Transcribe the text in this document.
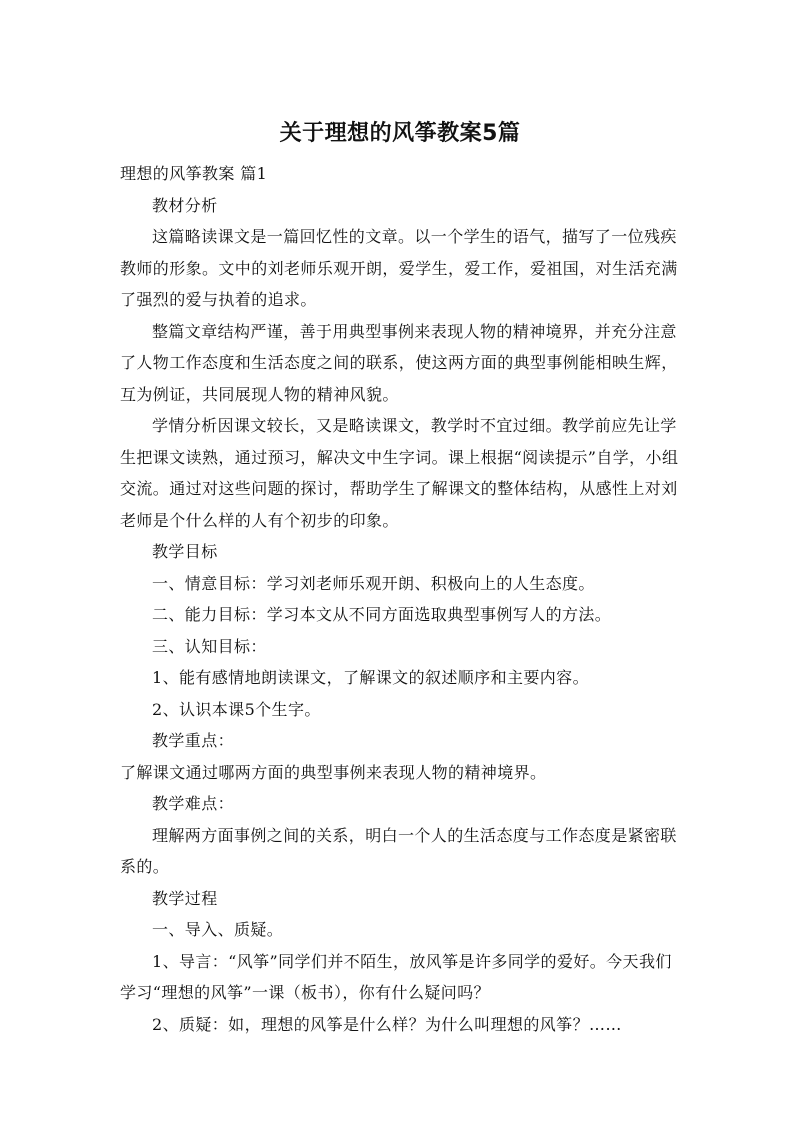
关于理想的风筝教案5篇

理想的风筝教案 篇1

教材分析

这篇略读课文是一篇回忆性的文章。以一个学生的语气，描写了一位残疾教师的形象。文中的刘老师乐观开朗，爱学生，爱工作，爱祖国，对生活充满了强烈的爱与执着的追求。

整篇文章结构严谨，善于用典型事例来表现人物的精神境界，并充分注意了人物工作态度和生活态度之间的联系，使这两方面的典型事例能相映生辉，互为例证，共同展现人物的精神风貌。

学情分析因课文较长，又是略读课文，教学时不宜过细。教学前应先让学生把课文读熟，通过预习，解决文中生字词。课上根据“阅读提示”自学，小组交流。通过对这些问题的探讨，帮助学生了解课文的整体结构，从感性上对刘老师是个什么样的人有个初步的印象。

教学目标

一、情意目标：学习刘老师乐观开朗、积极向上的人生态度。

二、能力目标：学习本文从不同方面选取典型事例写人的方法。

三、认知目标：

1、能有感情地朗读课文，了解课文的叙述顺序和主要内容。

2、认识本课5个生字。

教学重点：

了解课文通过哪两方面的典型事例来表现人物的精神境界。

教学难点：

理解两方面事例之间的关系，明白一个人的生活态度与工作态度是紧密联系的。

教学过程

一、导入、质疑。

1、导言：“风筝”同学们并不陌生，放风筝是许多同学的爱好。今天我们学习“理想的风筝”一课（板书），你有什么疑问吗？

2、质疑：如，理想的风筝是什么样？为什么叫理想的风筝？……
